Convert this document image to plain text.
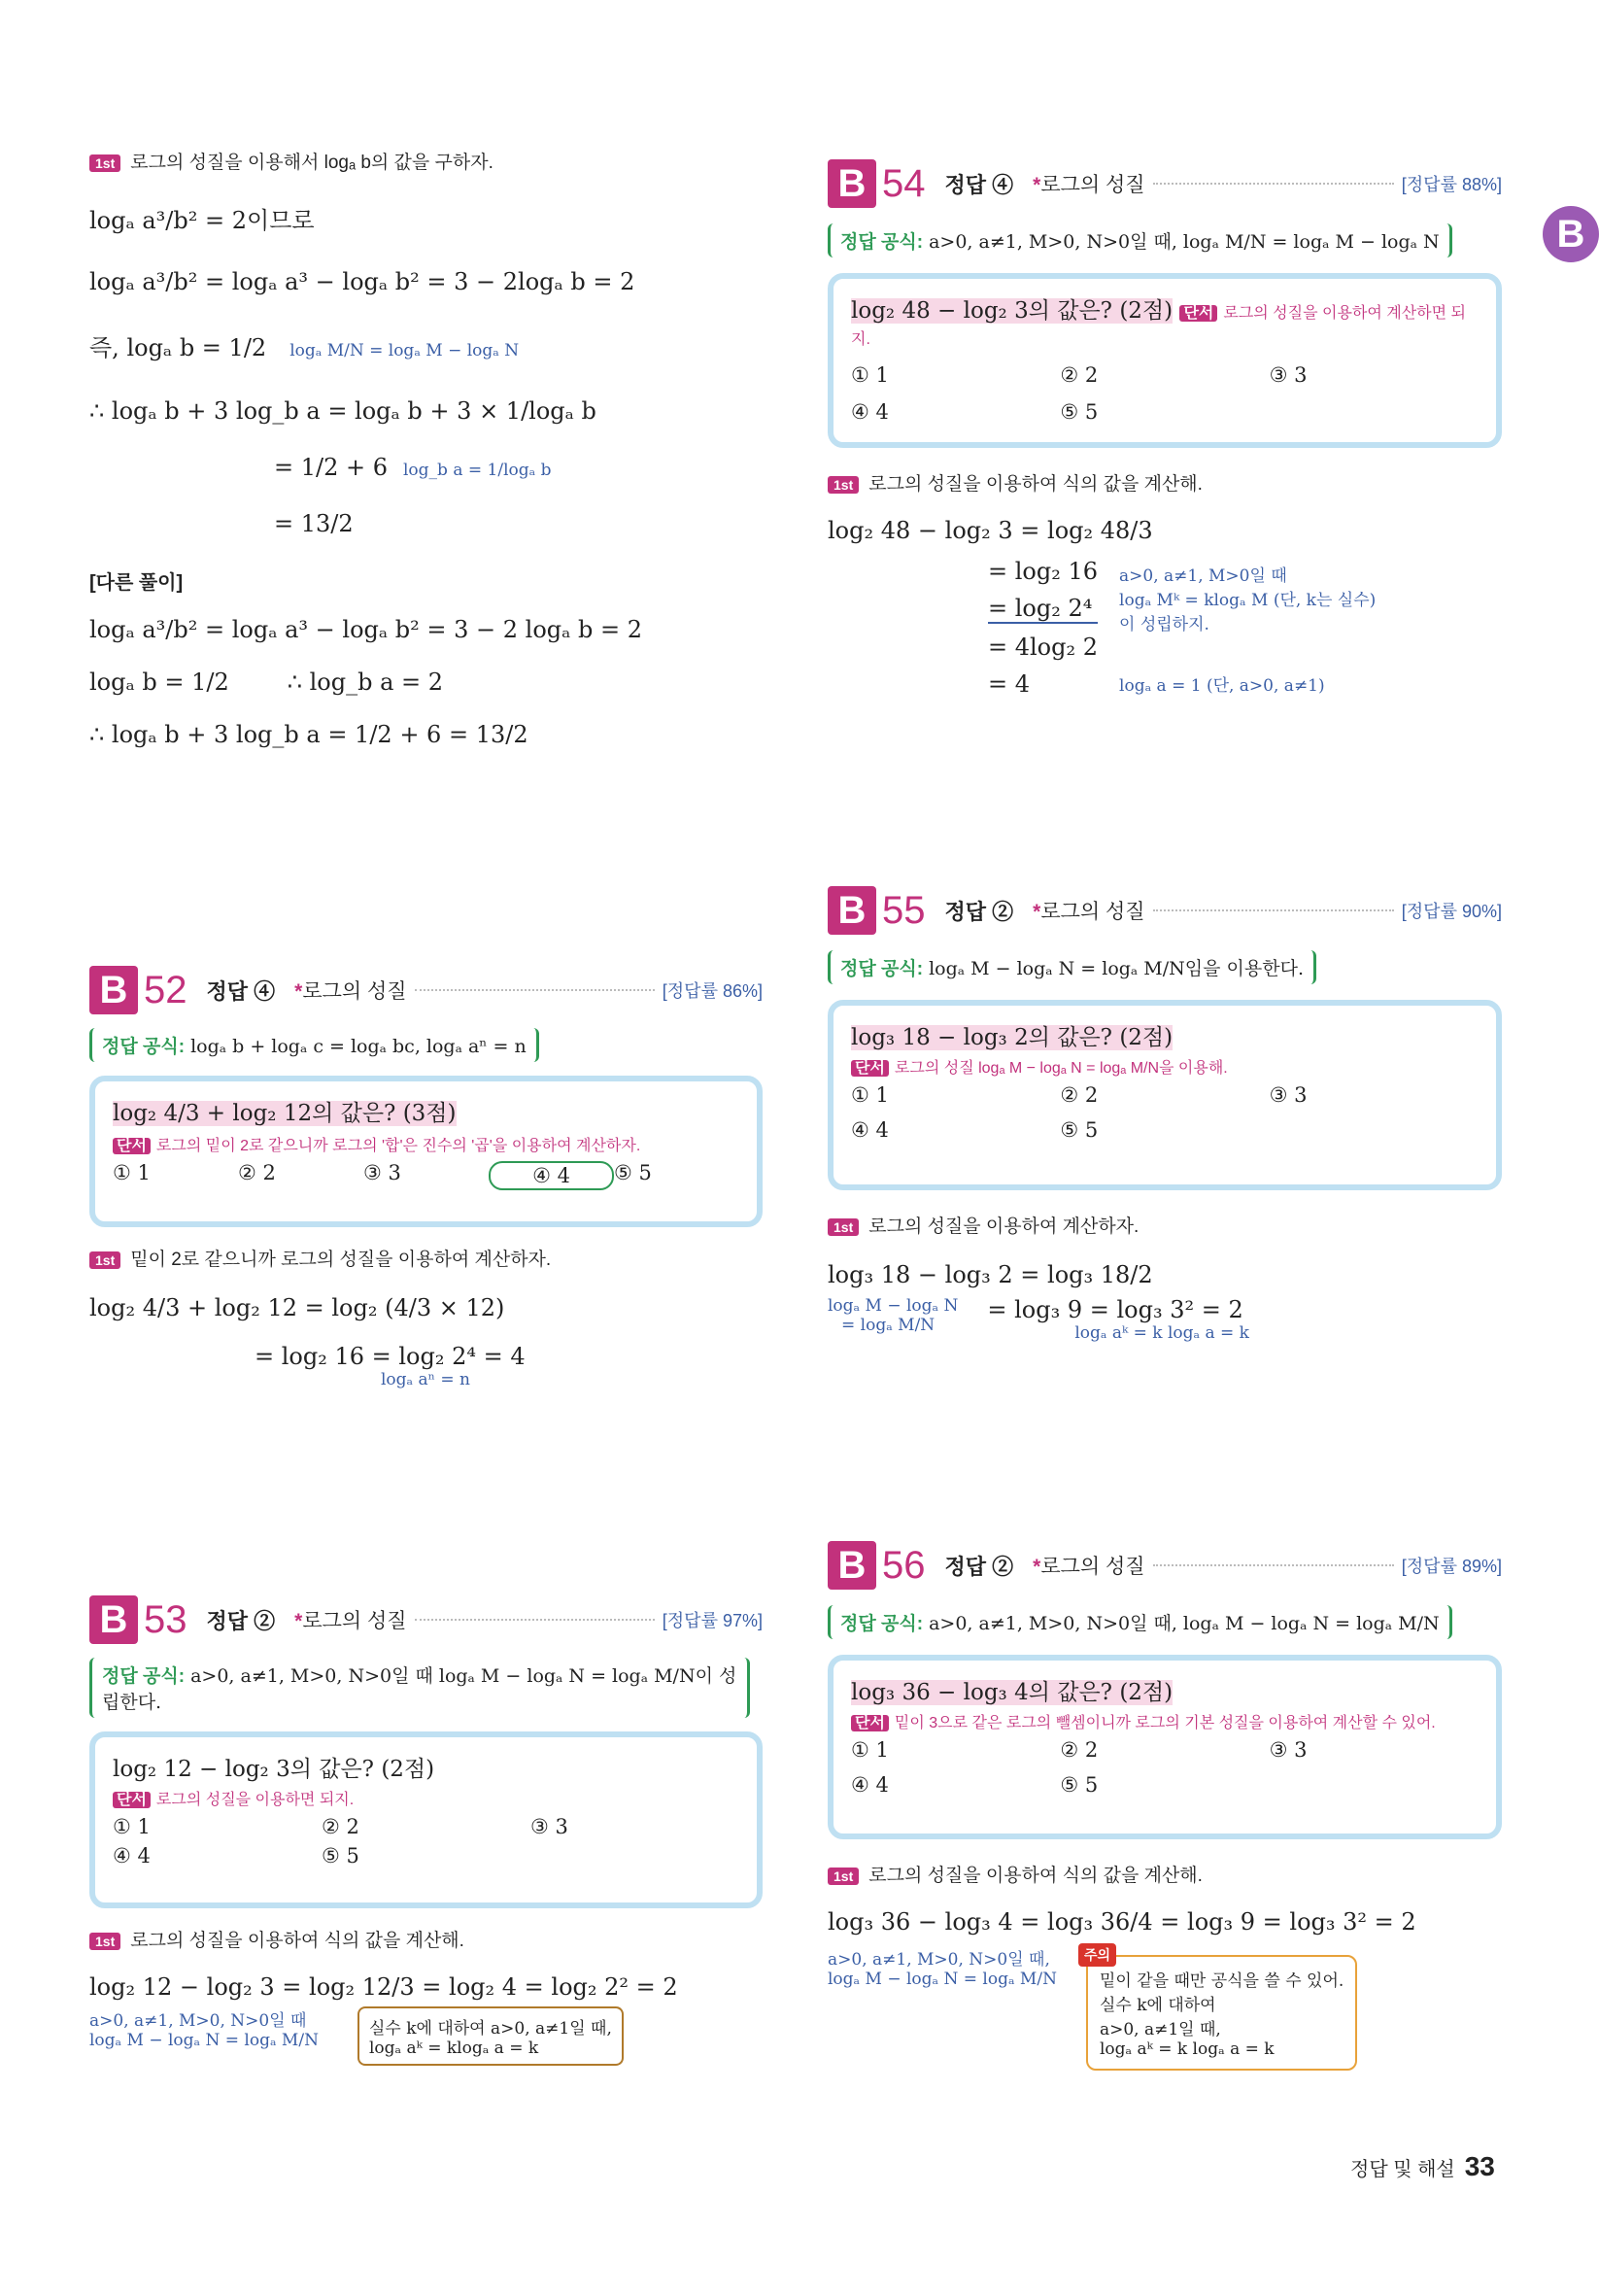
B
1st 로그의 성질을 이용해서 logₐ b의 값을 구하자.
logₐ a³/b² = 2이므로
logₐ a³/b² = logₐ a³ − logₐ b² = 3 − 2logₐ b = 2
즉, logₐ b = 1/2 logₐ M/N = logₐ M − logₐ N
∴ logₐ b + 3 log_b a = logₐ b + 3 × 1/logₐ b
= 1/2 + 6 log_b a = 1/logₐ b
= 13/2
[다른 풀이]
logₐ a³/b² = logₐ a³ − logₐ b² = 3 − 2 logₐ b = 2
logₐ b = 1/2	∴ log_b a = 2
∴ logₐ b + 3 log_b a = 1/2 + 6 = 13/2
B 52 정답 ④ *로그의 성질	[정답률 86%]
정답 공식: logₐ b + logₐ c = logₐ bc, logₐ aⁿ = n
log₂ 4/3 + log₂ 12의 값은? (3점)
단서 로그의 밑이 2로 같으니까 로그의 '합'은 진수의 '곱'을 이용하여 계산하자.
① 1	② 2	③ 3	④ 4	⑤ 5
1st 밑이 2로 같으니까 로그의 성질을 이용하여 계산하자.
log₂ 4/3 + log₂ 12 = log₂ (4/3 × 12)
= log₂ 16 = log₂ 2⁴ = 4
logₐ aⁿ = n
B 53 정답 ② *로그의 성질	[정답률 97%]
정답 공식: a>0, a≠1, M>0, N>0일 때 logₐ M − logₐ N = logₐ M/N이 성립한다.
log₂ 12 − log₂ 3의 값은? (2점)
단서 로그의 성질을 이용하면 되지.
① 1	② 2	③ 3
④ 4	⑤ 5
1st 로그의 성질을 이용하여 식의 값을 계산해.
log₂ 12 − log₂ 3 = log₂ 12/3 = log₂ 4 = log₂ 2² = 2
a>0, a≠1, M>0, N>0일 때
logₐ M − logₐ N = logₐ M/N
실수 k에 대하여 a>0, a≠1일 때,
logₐ aᵏ = klogₐ a = k
B 54 정답 ④ *로그의 성질	[정답률 88%]
정답 공식: a>0, a≠1, M>0, N>0일 때, logₐ M/N = logₐ M − logₐ N
log₂ 48 − log₂ 3의 값은? (2점) 단서 로그의 성질을 이용하여 계산하면 되지.
① 1	② 2	③ 3
④ 4	⑤ 5
1st 로그의 성질을 이용하여 식의 값을 계산해.
log₂ 48 − log₂ 3 = log₂ 48/3
= log₂ 16
= log₂ 2⁴
= 4log₂ 2
= 4
a>0, a≠1, M>0일 때
logₐ Mᵏ = klogₐ M (단, k는 실수)
이 성립하지.
logₐ a = 1 (단, a>0, a≠1)
B 55 정답 ② *로그의 성질	[정답률 90%]
정답 공식: logₐ M − logₐ N = logₐ M/N임을 이용한다.
log₃ 18 − log₃ 2의 값은? (2점)
단서 로그의 성질 logₐ M − logₐ N = logₐ M/N을 이용해.
① 1	② 2	③ 3
④ 4	⑤ 5
1st 로그의 성질을 이용하여 계산하자.
log₃ 18 − log₃ 2 = log₃ 18/2
logₐ M − logₐ N
= logₐ M/N
= log₃ 9 = log₃ 3² = 2
logₐ aᵏ = k logₐ a = k
B 56 정답 ② *로그의 성질	[정답률 89%]
정답 공식: a>0, a≠1, M>0, N>0일 때, logₐ M − logₐ N = logₐ M/N
log₃ 36 − log₃ 4의 값은? (2점)
단서 밑이 3으로 같은 로그의 뺄셈이니까 로그의 기본 성질을 이용하여 계산할 수 있어.
① 1	② 2	③ 3
④ 4	⑤ 5
1st 로그의 성질을 이용하여 식의 값을 계산해.
log₃ 36 − log₃ 4 = log₃ 36/4 = log₃ 9 = log₃ 3² = 2
a>0, a≠1, M>0, N>0일 때,
logₐ M − logₐ N = logₐ M/N
주의
밑이 같을 때만 공식을 쓸 수 있어.
실수 k에 대하여
a>0, a≠1일 때,
logₐ aᵏ = k logₐ a = k
정답 및 해설 33
